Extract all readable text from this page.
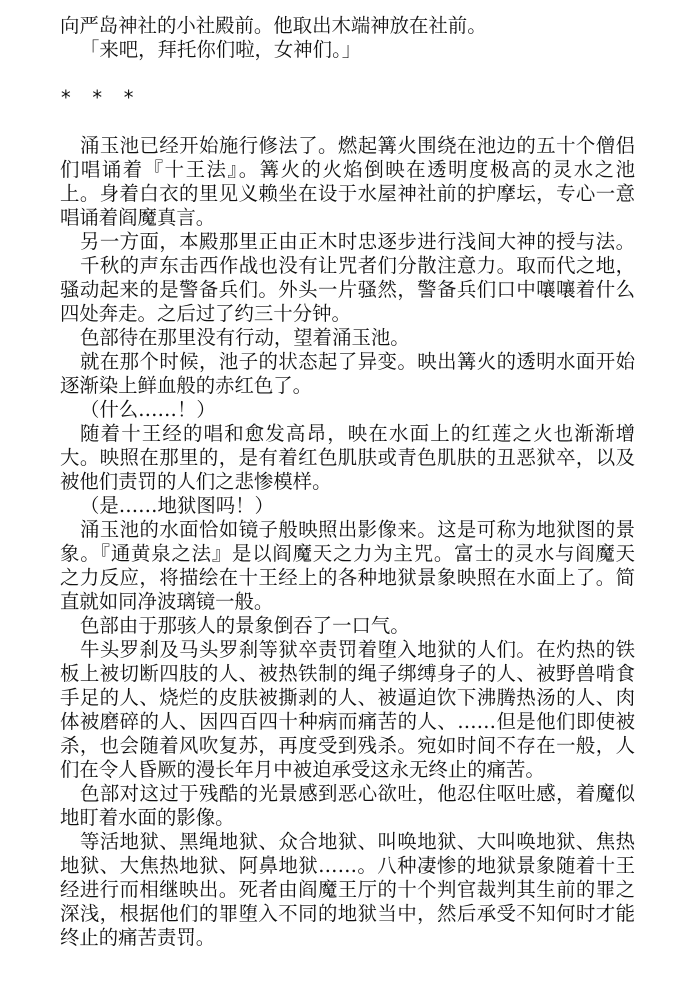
向严岛神社的小社殿前。他取出木端神放在社前。
「来吧，拜托你们啦，女神们。」
* * *
涌玉池已经开始施行修法了。燃起篝火围绕在池边的五十个僧侣
们唱诵着『十王法』。篝火的火焰倒映在透明度极高的灵水之池
上。身着白衣的里见义赖坐在设于水屋神社前的护摩坛，专心一意
唱诵着阎魔真言。
另一方面，本殿那里正由正木时忠逐步进行浅间大神的授与法。
千秋的声东击西作战也没有让咒者们分散注意力。取而代之地，
骚动起来的是警备兵们。外头一片骚然，警备兵们口中嚷嚷着什么
四处奔走。之后过了约三十分钟。
色部待在那里没有行动，望着涌玉池。
就在那个时候，池子的状态起了异变。映出篝火的透明水面开始
逐渐染上鲜血般的赤红色了。
（什么……！）
随着十王经的唱和愈发高昂，映在水面上的红莲之火也渐渐增
大。映照在那里的，是有着红色肌肤或青色肌肤的丑恶狱卒，以及
被他们责罚的人们之悲惨模样。
（是……地狱图吗！）
涌玉池的水面恰如镜子般映照出影像来。这是可称为地狱图的景
象。『通黄泉之法』是以阎魔天之力为主咒。富士的灵水与阎魔天
之力反应，将描绘在十王经上的各种地狱景象映照在水面上了。简
直就如同净波璃镜一般。
色部由于那骇人的景象倒吞了一口气。
牛头罗刹及马头罗刹等狱卒责罚着堕入地狱的人们。在灼热的铁
板上被切断四肢的人、被热铁制的绳子绑缚身子的人、被野兽啃食
手足的人、烧烂的皮肤被撕剥的人、被逼迫饮下沸腾热汤的人、肉
体被磨碎的人、因四百四十种病而痛苦的人、……但是他们即使被
杀，也会随着风吹复苏，再度受到残杀。宛如时间不存在一般，人
们在令人昏厥的漫长年月中被迫承受这永无终止的痛苦。
色部对这过于残酷的光景感到恶心欲吐，他忍住呕吐感，着魔似
地盯着水面的影像。
等活地狱、黑绳地狱、众合地狱、叫唤地狱、大叫唤地狱、焦热
地狱、大焦热地狱、阿鼻地狱……。八种凄惨的地狱景象随着十王
经进行而相继映出。死者由阎魔王厅的十个判官裁判其生前的罪之
深浅，根据他们的罪堕入不同的地狱当中，然后承受不知何时才能
终止的痛苦责罚。
